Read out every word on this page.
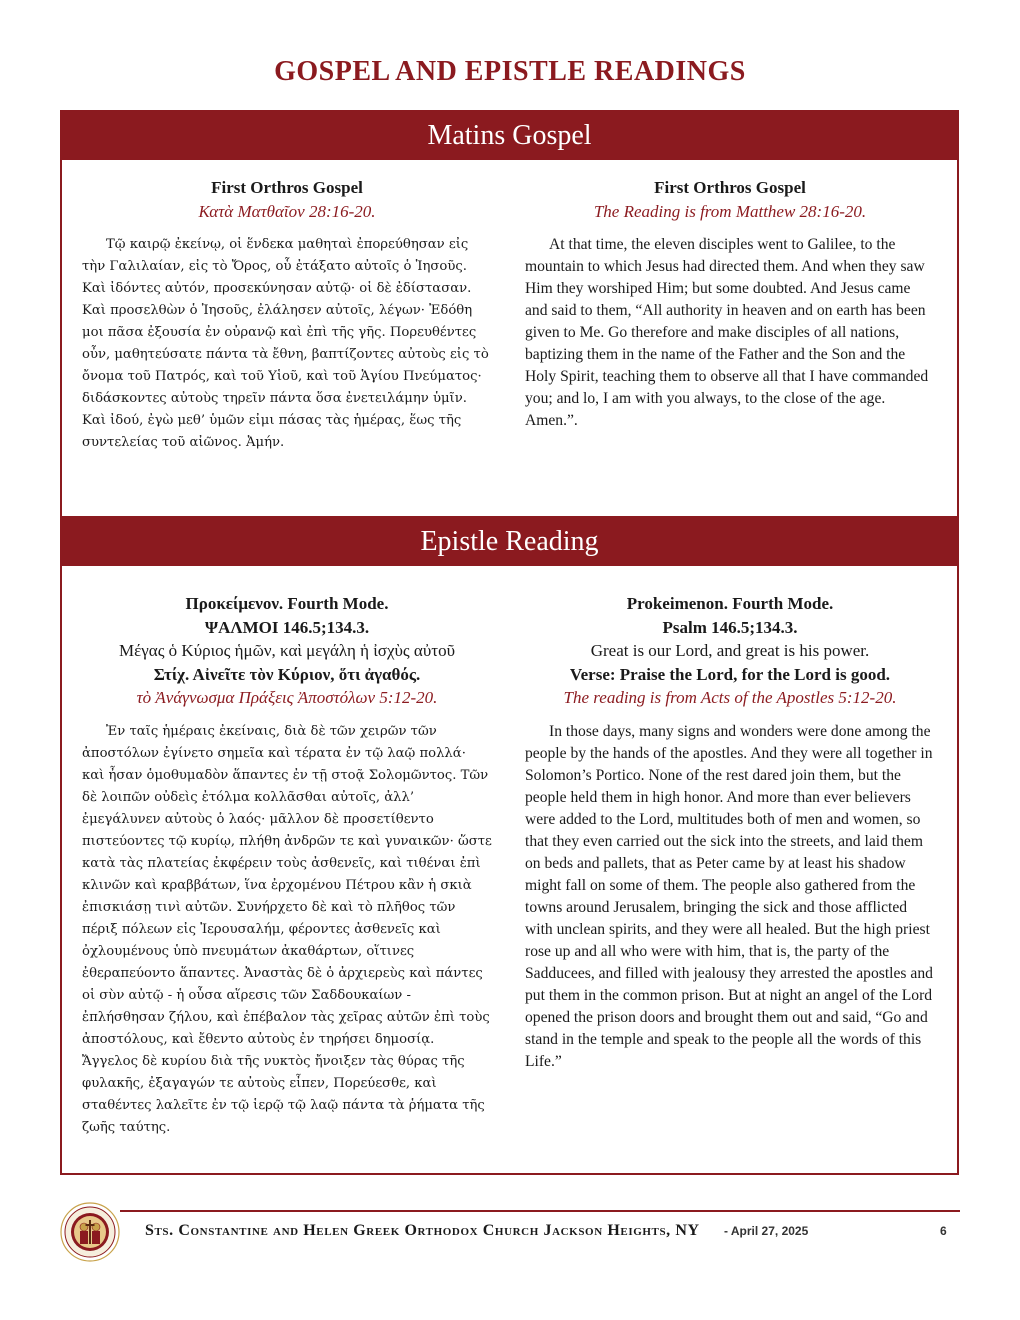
GOSPEL AND EPISTLE READINGS
Matins Gospel
First Orthros Gospel
Κατὰ Ματθαῖον 28:16-20.
Τῷ καιρῷ ἐκείνῳ, οἱ ἕνδεκα μαθηταὶ ἐπορεύθησαν εἰς τὴν Γαλιλαίαν, εἰς τὸ Ὄρος, οὗ ἐτάξατο αὐτοῖς ὁ Ἰησοῦς. Καὶ ἰδόντες αὐτόν, προσεκύνησαν αὐτῷ· οἱ δὲ ἐδίστασαν. Καὶ προσελθὼν ὁ Ἰησοῦς, ἐλάλησεν αὐτοῖς, λέγων· Ἐδόθη μοι πᾶσα ἐξουσία ἐν οὐρανῷ καὶ ἐπὶ τῆς γῆς. Πορευθέντες οὖν, μαθητεύσατε πάντα τὰ ἔθνη, βαπτίζοντες αὐτοὺς εἰς τὸ ὄνομα τοῦ Πατρός, καὶ τοῦ Υἱοῦ, καὶ τοῦ Ἁγίου Πνεύματος· διδάσκοντες αὐτοὺς τηρεῖν πάντα ὅσα ἐνετειλάμην ὑμῖν. Καὶ ἰδού, ἐγὼ μεθ’ ὑμῶν εἰμι πάσας τὰς ἡμέρας, ἕως τῆς συντελείας τοῦ αἰῶνος. Ἀμήν.
First Orthros Gospel
The Reading is from Matthew 28:16-20.
At that time, the eleven disciples went to Galilee, to the mountain to which Jesus had directed them. And when they saw Him they worshiped Him; but some doubted. And Jesus came and said to them, “All authority in heaven and on earth has been given to Me. Go therefore and make disciples of all nations, baptizing them in the name of the Father and the Son and the Holy Spirit, teaching them to observe all that I have commanded you; and lo, I am with you always, to the close of the age. Amen.”.
Epistle Reading
Προκείμενον. Fourth Mode.
ΨΑΛΜΟΙ 146.5;134.3.
Μέγας ὁ Κύριος ἡμῶν, καὶ μεγάλη ἡ ἰσχὺς αὐτοῦ
Στίχ. Αἰνεῖτε τὸν Κύριον, ὅτι ἀγαθός.
τὸ Ἀνάγνωσμα Πράξεις Ἀποστόλων 5:12-20.
Ἐν ταῖς ἡμέραις ἐκείναις, διὰ δὲ τῶν χειρῶν τῶν ἀποστόλων ἐγίνετο σημεῖα καὶ τέρατα ἐν τῷ λαῷ πολλά· καὶ ἦσαν ὁμοθυμαδὸν ἅπαντες ἐν τῇ στοᾷ Σολομῶντος. Τῶν δὲ λοιπῶν οὐδεὶς ἐτόλμα κολλᾶσθαι αὐτοῖς, ἀλλ’ ἐμεγάλυνεν αὐτοὺς ὁ λαός· μᾶλλον δὲ προσετίθεντο πιστεύοντες τῷ κυρίῳ, πλήθη ἀνδρῶν τε καὶ γυναικῶν· ὥστε κατὰ τὰς πλατείας ἐκφέρειν τοὺς ἀσθενεῖς, καὶ τιθέναι ἐπὶ κλινῶν καὶ κραββάτων, ἵνα ἐρχομένου Πέτρου κἂν ἡ σκιὰ ἐπισκιάσῃ τινὶ αὐτῶν. Συνήρχετο δὲ καὶ τὸ πλῆθος τῶν πέριξ πόλεων εἰς Ἰερουσαλήμ, φέροντες ἀσθενεῖς καὶ ὀχλουμένους ὑπὸ πνευμάτων ἀκαθάρτων, οἵτινες ἐθεραπεύοντο ἅπαντες. Ἀναστὰς δὲ ὁ ἀρχιερεὺς καὶ πάντες οἱ σὺν αὐτῷ - ἡ οὖσα αἵρεσις τῶν Σαδδουκαίων - ἐπλήσθησαν ζήλου, καὶ ἐπέβαλον τὰς χεῖρας αὐτῶν ἐπὶ τοὺς ἀποστόλους, καὶ ἔθεντο αὐτοὺς ἐν τηρήσει δημοσίᾳ. Ἄγγελος δὲ κυρίου διὰ τῆς νυκτὸς ἤνοιξεν τὰς θύρας τῆς φυλακῆς, ἐξαγαγών τε αὐτοὺς εἶπεν, Πορεύεσθε, καὶ σταθέντες λαλεῖτε ἐν τῷ ἱερῷ τῷ λαῷ πάντα τὰ ῥήματα τῆς ζωῆς ταύτης.
Prokeimenon. Fourth Mode.
Psalm 146.5;134.3.
Great is our Lord, and great is his power.
Verse: Praise the Lord, for the Lord is good.
The reading is from Acts of the Apostles 5:12-20.
In those days, many signs and wonders were done among the people by the hands of the apostles. And they were all together in Solomon’s Portico. None of the rest dared join them, but the people held them in high honor. And more than ever believers were added to the Lord, multitudes both of men and women, so that they even carried out the sick into the streets, and laid them on beds and pallets, that as Peter came by at least his shadow might fall on some of them. The people also gathered from the towns around Jerusalem, bringing the sick and those afflicted with unclean spirits, and they were all healed. But the high priest rose up and all who were with him, that is, the party of the Sadducees, and filled with jealousy they arrested the apostles and put them in the common prison. But at night an angel of the Lord opened the prison doors and brought them out and said, “Go and stand in the temple and speak to the people all the words of this Life.”
Sts. Constantine and Helen Greek Orthodox Church Jackson Heights, NY - April 27, 2025	6
